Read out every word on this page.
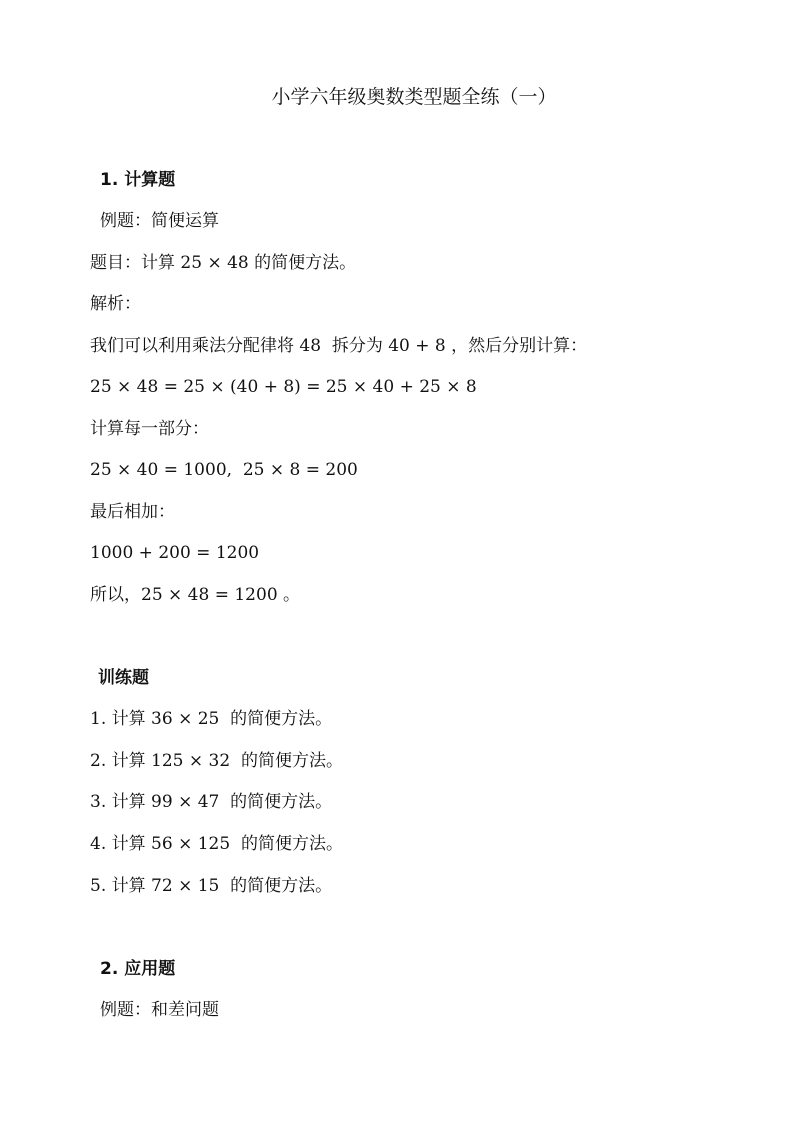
小学六年级奥数类型题全练（一）
1. 计算题
例题：简便运算
题目：计算 25 × 48 的简便方法。
解析：
我们可以利用乘法分配律将 48  拆分为 40 + 8 ，然后分别计算：
25 × 48 = 25 × (40 + 8) = 25 × 40 + 25 × 8
计算每一部分：
25 × 40 = 1000,  25 × 8 = 200
最后相加：
1000 + 200 = 1200
所以，25 × 48 = 1200 。
训练题
1. 计算 36 × 25  的简便方法。
2. 计算 125 × 32  的简便方法。
3. 计算 99 × 47  的简便方法。
4. 计算 56 × 125  的简便方法。
5. 计算 72 × 15  的简便方法。
2. 应用题
例题：和差问题
